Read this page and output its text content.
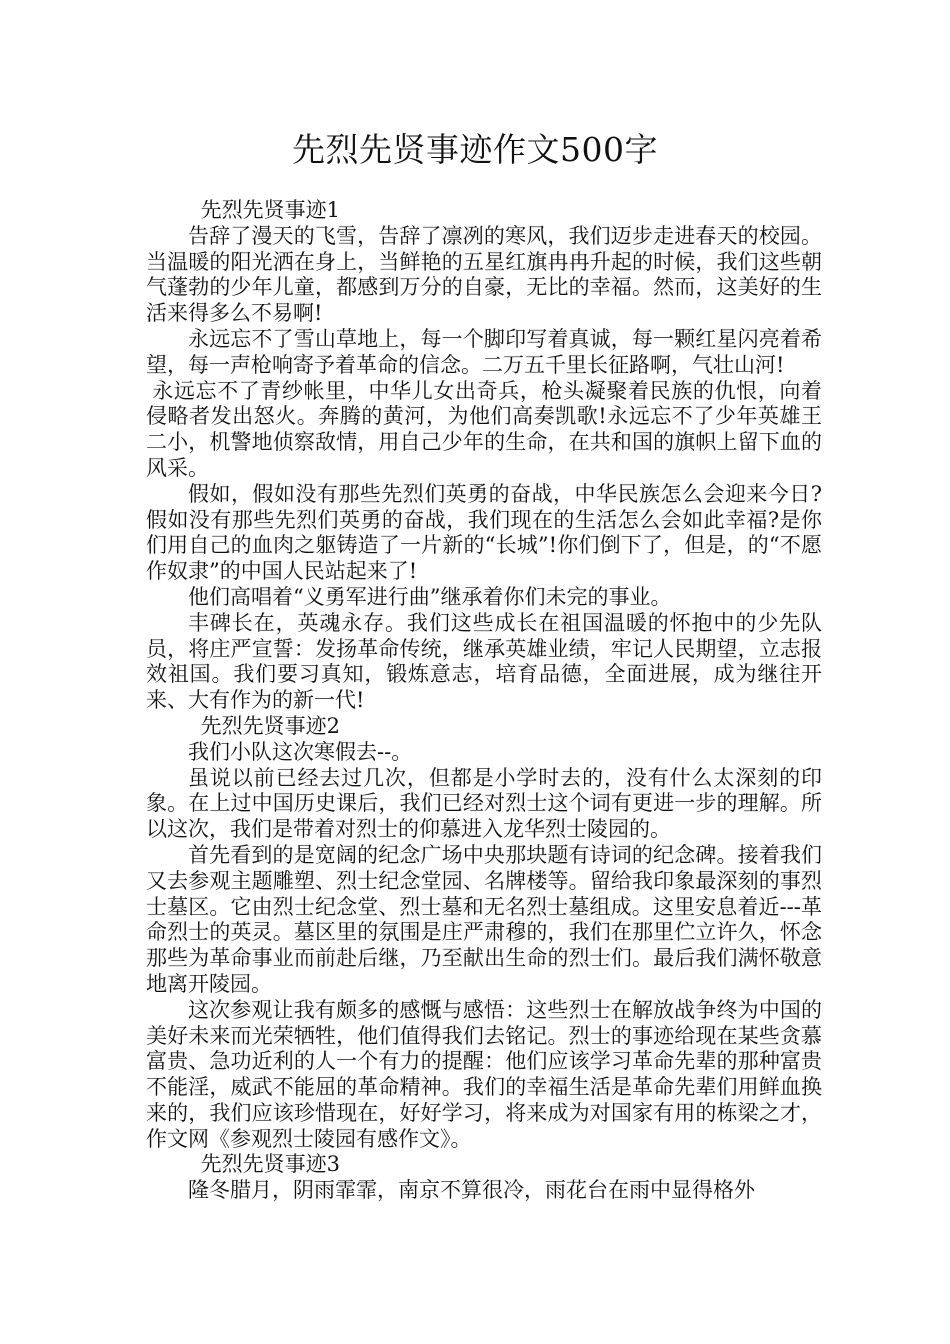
先烈先贤事迹作文500字

先烈先贤事迹1

告辞了漫天的飞雪，告辞了凛冽的寒风，我们迈步走进春天的校园。当温暖的阳光洒在身上，当鲜艳的五星红旗冉冉升起的时候，我们这些朝气蓬勃的少年儿童，都感到万分的自豪，无比的幸福。然而，这美好的生活来得多么不易啊!

永远忘不了雪山草地上，每一个脚印写着真诚，每一颗红星闪亮着希望，每一声枪响寄予着革命的信念。二万五千里长征路啊，气壮山河!

永远忘不了青纱帐里，中华儿女出奇兵，枪头凝聚着民族的仇恨，向着侵略者发出怒火。奔腾的黄河，为他们高奏凯歌!永远忘不了少年英雄王二小，机警地侦察敌情，用自己少年的生命，在共和国的旗帜上留下血的风采。

假如，假如没有那些先烈们英勇的奋战，中华民族怎么会迎来今日?假如没有那些先烈们英勇的奋战，我们现在的生活怎么会如此幸福?是你们用自己的血肉之躯铸造了一片新的“长城”!你们倒下了，但是，的“不愿作奴隶”的中国人民站起来了!

他们高唱着“义勇军进行曲”继承着你们未完的事业。

丰碑长在，英魂永存。我们这些成长在祖国温暖的怀抱中的少先队员，将庄严宣誓：发扬革命传统，继承英雄业绩，牢记人民期望，立志报效祖国。我们要习真知，锻炼意志，培育品德，全面进展，成为继往开来、大有作为的新一代!

先烈先贤事迹2

我们小队这次寒假去--。

虽说以前已经去过几次，但都是小学时去的，没有什么太深刻的印象。在上过中国历史课后，我们已经对烈士这个词有更进一步的理解。所以这次，我们是带着对烈士的仰慕进入龙华烈士陵园的。

首先看到的是宽阔的纪念广场中央那块题有诗词的纪念碑。接着我们又去参观主题雕塑、烈士纪念堂园、名牌楼等。留给我印象最深刻的事烈士墓区。它由烈士纪念堂、烈士墓和无名烈士墓组成。这里安息着近---革命烈士的英灵。墓区里的氛围是庄严肃穆的，我们在那里伫立许久，怀念那些为革命事业而前赴后继，乃至献出生命的烈士们。最后我们满怀敬意地离开陵园。

这次参观让我有颇多的感慨与感悟：这些烈士在解放战争终为中国的美好未来而光荣牺牲，他们值得我们去铭记。烈士的事迹给现在某些贪慕富贵、急功近利的人一个有力的提醒：他们应该学习革命先辈的那种富贵不能淫，威武不能屈的革命精神。我们的幸福生活是革命先辈们用鲜血换来的，我们应该珍惜现在，好好学习，将来成为对国家有用的栋梁之才，作文网《参观烈士陵园有感作文》。

先烈先贤事迹3

隆冬腊月，阴雨霏霏，南京不算很冷，雨花台在雨中显得格外
